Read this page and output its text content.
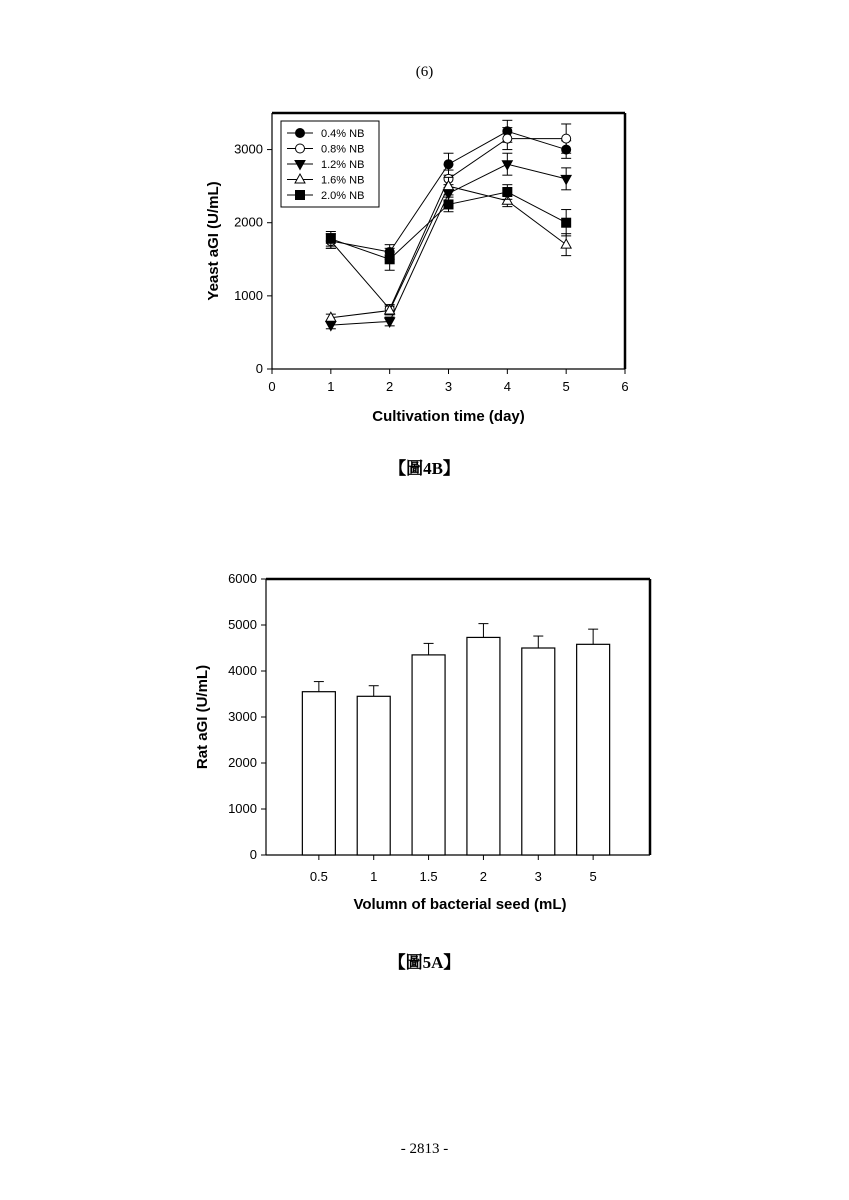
(6)
0	1	2	3	4	5	6
0
1000
2000
3000
Cultivation time (day)
Yeast aGI (U/mL)
0.4% NB
0.8% NB
1.2% NB
1.6% NB
2.0% NB
【圖4B】
0
1000
2000
3000
4000
5000
6000
0.5	1	1.5	2	3	5
Volumn of bacterial seed (mL)
Rat aGI (U/mL)
【圖5A】
- 2813 -
